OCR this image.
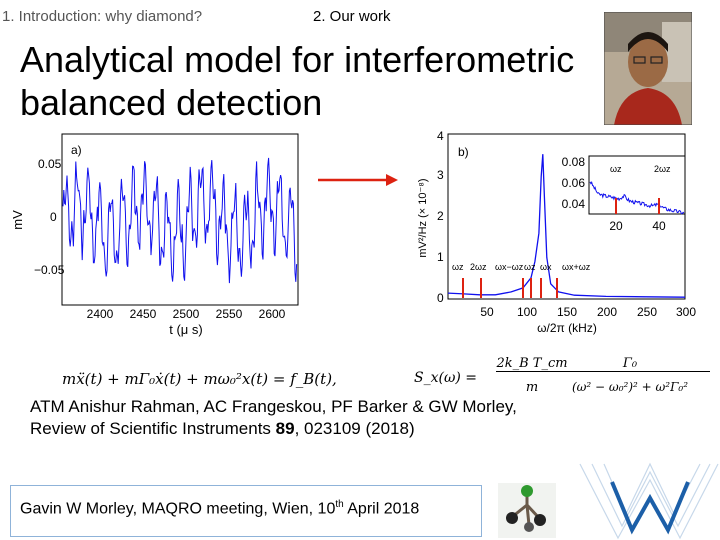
1. Introduction: why diamond?	2. Our work
Analytical model for interferometric
balanced detection
a)
0.05
0
−0.05
mV
2400 2450 2500 2550 2600
t (μ s)
b)
0
1
2
3
4
mV²/Hz (× 10⁻⁸)
50 100 150 200 250 300
ω/2π (kHz)
ωz 2ωz ωx−ωz ωz ωx ωx+ωz
0.08
0.06
0.04
20 40
ωz	2ωz
mẍ(t) + mΓ₀ẋ(t) + mω₀²x(t) = f_B(t),	S_x(ω) =
2k_B T_cm
m
Γ₀
(ω² − ω₀²)² + ω²Γ₀²
ATM Anishur Rahman, AC Frangeskou, PF Barker & GW Morley,
Review of Scientific Instruments 89, 023109 (2018)
Gavin W Morley, MAQRO meeting, Wien, 10th April 2018
